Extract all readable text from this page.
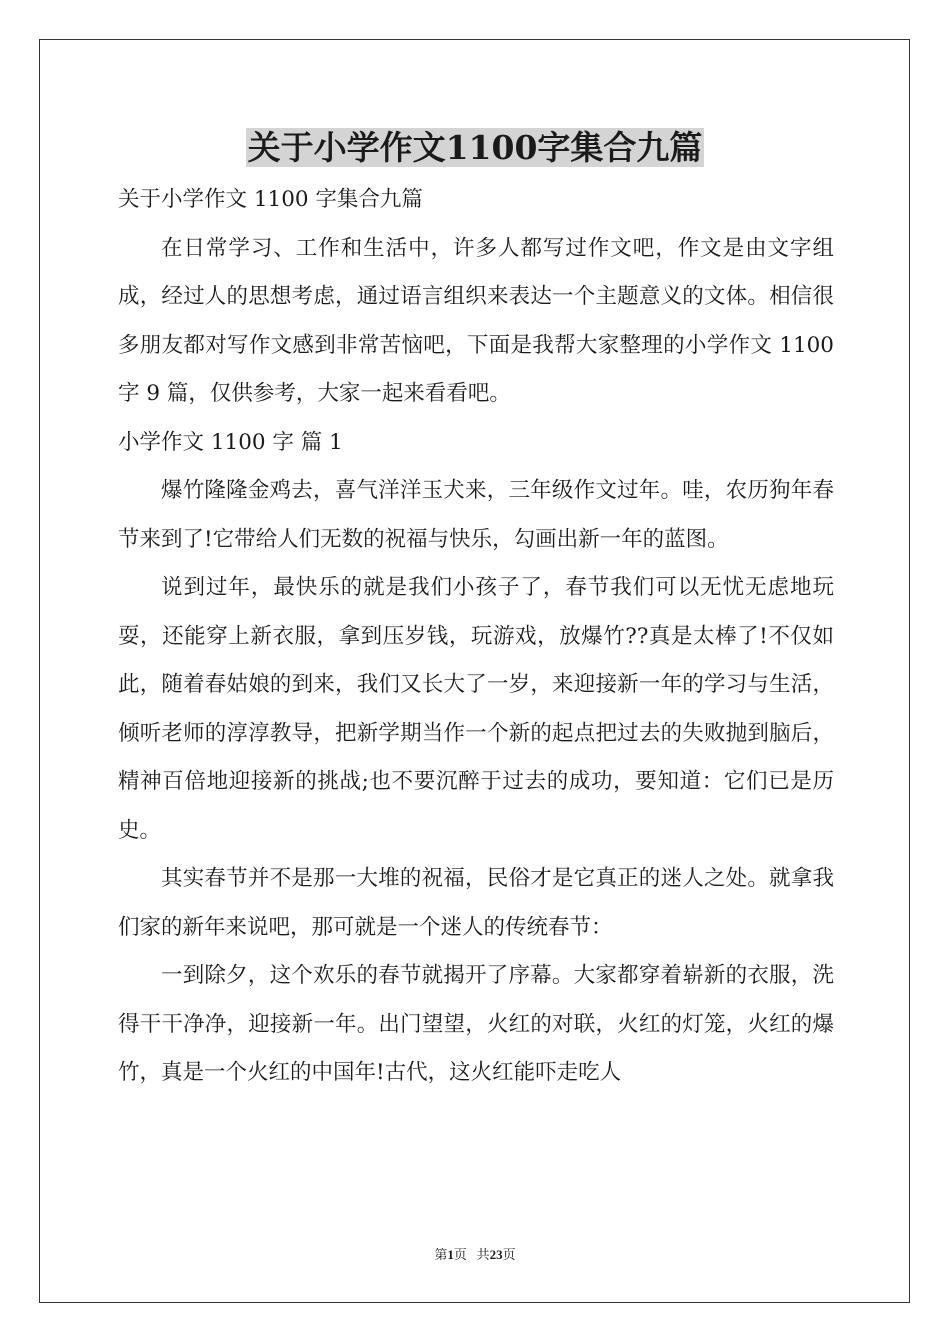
关于小学作文1100字集合九篇

关于小学作文 1100 字集合九篇

在日常学习、工作和生活中，许多人都写过作文吧，作文是由文字组成，经过人的思想考虑，通过语言组织来表达一个主题意义的文体。相信很多朋友都对写作文感到非常苦恼吧，下面是我帮大家整理的小学作文 1100 字 9 篇，仅供参考，大家一起来看看吧。

小学作文 1100 字 篇 1

爆竹隆隆金鸡去，喜气洋洋玉犬来，三年级作文过年。哇，农历狗年春节来到了!它带给人们无数的祝福与快乐，勾画出新一年的蓝图。

说到过年，最快乐的就是我们小孩子了，春节我们可以无忧无虑地玩耍，还能穿上新衣服，拿到压岁钱，玩游戏，放爆竹??真是太棒了!不仅如此，随着春姑娘的到来，我们又长大了一岁，来迎接新一年的学习与生活，倾听老师的淳淳教导，把新学期当作一个新的起点把过去的失败抛到脑后，精神百倍地迎接新的挑战;也不要沉醉于过去的成功，要知道：它们已是历史。

其实春节并不是那一大堆的祝福，民俗才是它真正的迷人之处。就拿我们家的新年来说吧，那可就是一个迷人的传统春节：

一到除夕，这个欢乐的春节就揭开了序幕。大家都穿着崭新的衣服，洗得干干净净，迎接新一年。出门望望，火红的对联，火红的灯笼，火红的爆竹，真是一个火红的中国年!古代，这火红能吓走吃人

第1页 共23页
